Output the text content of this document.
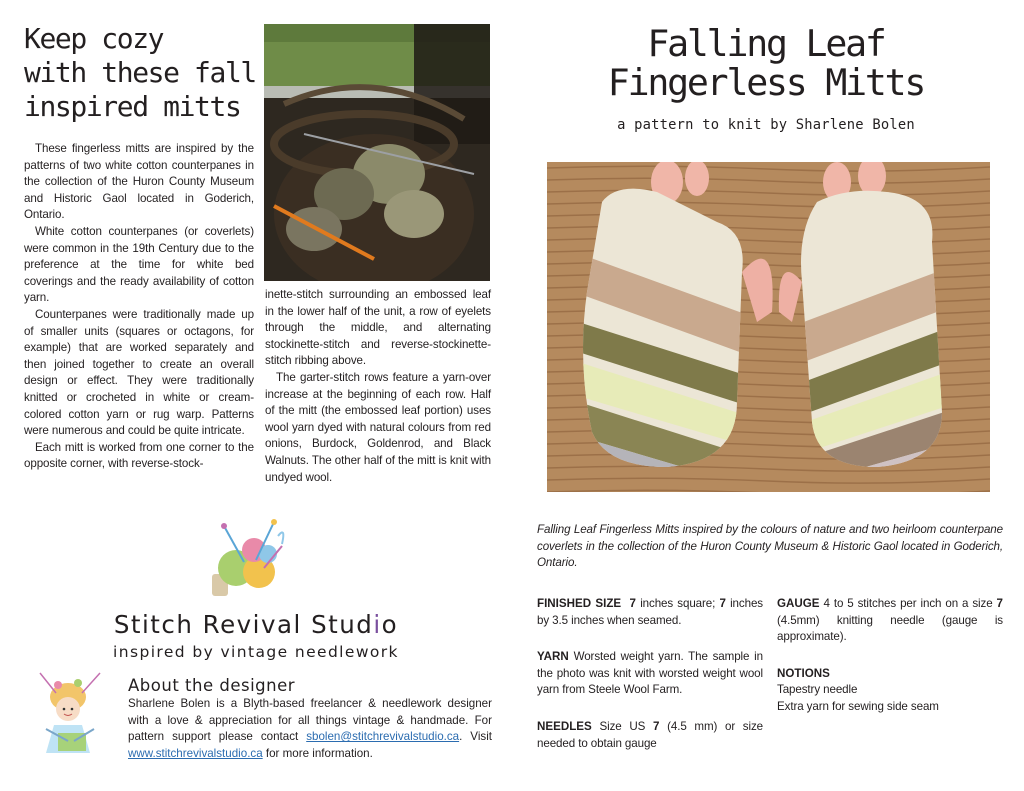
Keep cozy
with these fall
inspired mitts

These fingerless mitts are inspired by the patterns of two white cotton counterpanes in the collection of the Huron County Museum and Historic Gaol located in Goderich, Ontario.

White cotton counterpanes (or coverlets) were common in the 19th Century due to the preference at the time for white bed coverings and the ready availability of cotton yarn.

Counterpanes were traditionally made up of smaller units (squares or octagons, for example) that are worked separately and then joined together to create an overall design or effect. They were traditionally knitted or crocheted in white or cream-colored cotton yarn or rug warp. Patterns were numerous and could be quite intricate.

Each mitt is worked from one corner to the opposite corner, with reverse-stock-

inette-stitch surrounding an embossed leaf in the lower half of the unit, a row of eyelets through the middle, and alternating stockinette-stitch and reverse-stockinette-stitch ribbing above.

The garter-stitch rows feature a yarn-over increase at the beginning of each row. Half of the mitt (the embossed leaf portion) uses wool yarn dyed with natural colours from red onions, Burdock, Goldenrod, and Black Walnuts. The other half of the mitt is knit with undyed wool.

Stitch Revival Studio
inspired by vintage needlework
About the designer

Sharlene Bolen is a Blyth-based freelancer & needlework designer with a love & appreciation for all things vintage & handmade. For pattern support please contact sbolen@stitchrevivalstudio.ca. Visit www.stitchrevivalstudio.ca for more information.

Falling Leaf
Fingerless Mitts
a pattern to knit by Sharlene Bolen

Falling Leaf Fingerless Mitts inspired by the colours of nature and two heirloom counterpane coverlets in the collection of the Huron County Museum & Historic Gaol located in Goderich, Ontario.

FINISHED SIZE 7 inches square; 7 inches by 3.5 inches when seamed.

YARN Worsted weight yarn. The sample in the photo was knit with worsted weight wool yarn from Steele Wool Farm.

NEEDLES Size US 7 (4.5 mm) or size needed to obtain gauge

GAUGE 4 to 5 stitches per inch on a size 7 (4.5mm) knitting needle (gauge is approximate).

NOTIONS
Tapestry needle
Extra yarn for sewing side seam
